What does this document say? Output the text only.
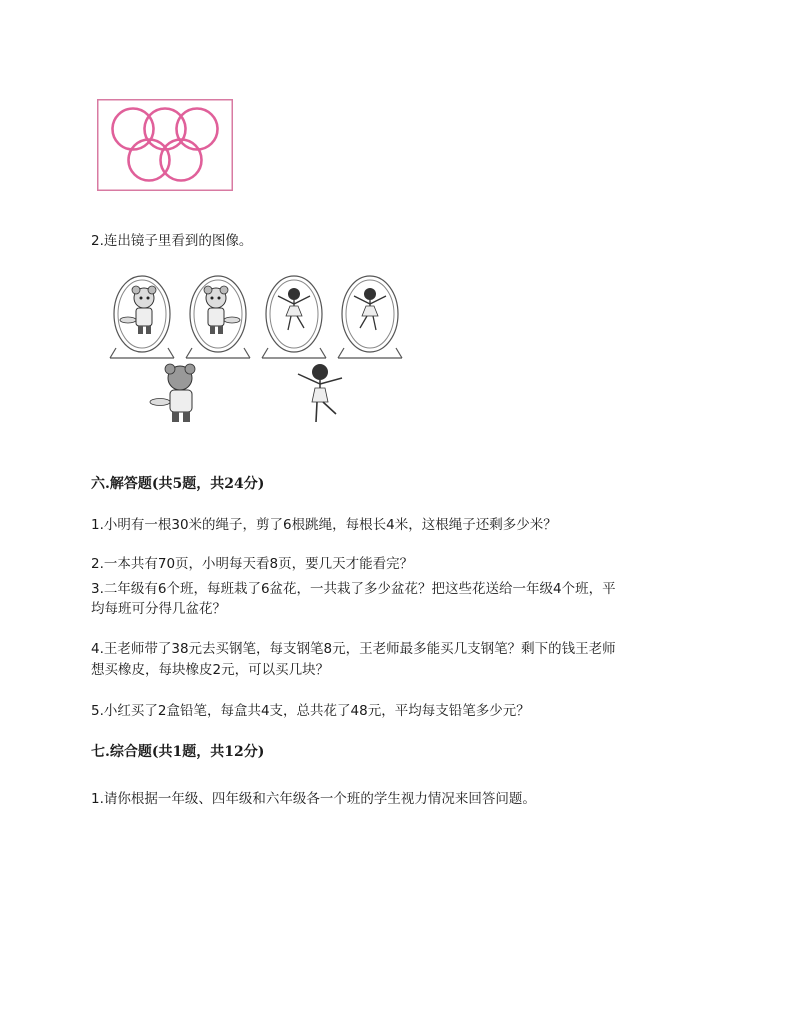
2.连出镜子里看到的图像。
六.解答题(共5题，共24分)
1.小明有一根30米的绳子，剪了6根跳绳，每根长4米，这根绳子还剩多少米？
2.一本共有70页，小明每天看8页，要几天才能看完？
3.二年级有6个班，每班栽了6盆花，一共栽了多少盆花？把这些花送给一年级4个班，平
均每班可分得几盆花？
4.王老师带了38元去买钢笔，每支钢笔8元，王老师最多能买几支钢笔？剩下的钱王老师
想买橡皮，每块橡皮2元，可以买几块？
5.小红买了2盒铅笔，每盒共4支，总共花了48元，平均每支铅笔多少元？
七.综合题(共1题，共12分)
1.请你根据一年级、四年级和六年级各一个班的学生视力情况来回答问题。
